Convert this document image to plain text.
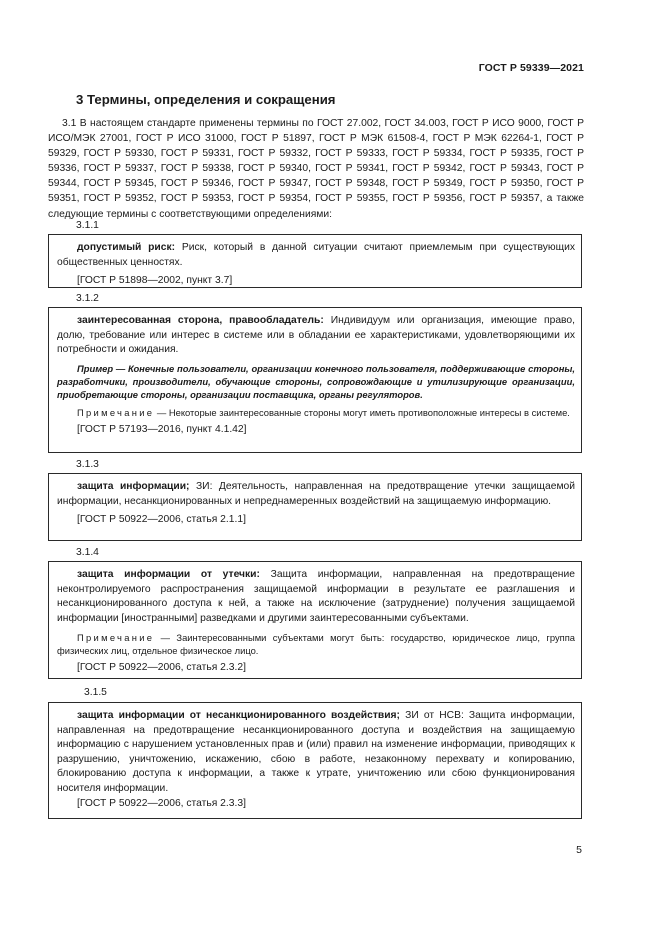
ГОСТ Р 59339—2021
3 Термины, определения и сокращения

3.1 В настоящем стандарте применены термины по ГОСТ 27.002, ГОСТ 34.003, ГОСТ Р ИСО 9000, ГОСТ Р ИСО/МЭК 27001, ГОСТ Р ИСО 31000, ГОСТ Р 51897, ГОСТ Р МЭК 61508-4, ГОСТ Р МЭК 62264-1, ГОСТ Р 59329, ГОСТ Р 59330, ГОСТ Р 59331, ГОСТ Р 59332, ГОСТ Р 59333, ГОСТ Р 59334, ГОСТ Р 59335, ГОСТ Р 59336, ГОСТ Р 59337, ГОСТ Р 59338, ГОСТ Р 59340, ГОСТ Р 59341, ГОСТ Р 59342, ГОСТ Р 59343, ГОСТ Р 59344, ГОСТ Р 59345, ГОСТ Р 59346, ГОСТ Р 59347, ГОСТ Р 59348, ГОСТ Р 59349, ГОСТ Р 59350, ГОСТ Р 59351, ГОСТ Р 59352, ГОСТ Р 59353, ГОСТ Р 59354, ГОСТ Р 59355, ГОСТ Р 59356, ГОСТ Р 59357, а также следующие термины с соответствующими определениями:

3.1.1

допустимый риск: Риск, который в данной ситуации считают приемлемым при существующих общественных ценностях.

[ГОСТ Р 51898—2002, пункт 3.7]

3.1.2

заинтересованная сторона, правообладатель: Индивидуум или организация, имеющие право, долю, требование или интерес в системе или в обладании ее характеристиками, удовлетворяющими их потребности и ожидания.

Пример — Конечные пользователи, организации конечного пользователя, поддерживающие стороны, разработчики, производители, обучающие стороны, сопровождающие и утилизирующие организации, приобретающие стороны, организации поставщика, органы регуляторов.

Примечание — Некоторые заинтересованные стороны могут иметь противоположные интересы в системе.

[ГОСТ Р 57193—2016, пункт 4.1.42]

3.1.3

защита информации; ЗИ: Деятельность, направленная на предотвращение утечки защищаемой информации, несанкционированных и непреднамеренных воздействий на защищаемую информацию.

[ГОСТ Р 50922—2006, статья 2.1.1]

3.1.4

защита информации от утечки: Защита информации, направленная на предотвращение неконтролируемого распространения защищаемой информации в результате ее разглашения и несанкционированного доступа к ней, а также на исключение (затруднение) получения защищаемой информации [иностранными] разведками и другими заинтересованными субъектами.

Примечание — Заинтересованными субъектами могут быть: государство, юридическое лицо, группа физических лиц, отдельное физическое лицо.

[ГОСТ Р 50922—2006, статья 2.3.2]

3.1.5

защита информации от несанкционированного воздействия; ЗИ от НСВ: Защита информации, направленная на предотвращение несанкционированного доступа и воздействия на защищаемую информацию с нарушением установленных прав и (или) правил на изменение информации, приводящих к разрушению, уничтожению, искажению, сбою в работе, незаконному перехвату и копированию, блокированию доступа к информации, а также к утрате, уничтожению или сбою функционирования носителя информации.

[ГОСТ Р 50922—2006, статья 2.3.3]

5
